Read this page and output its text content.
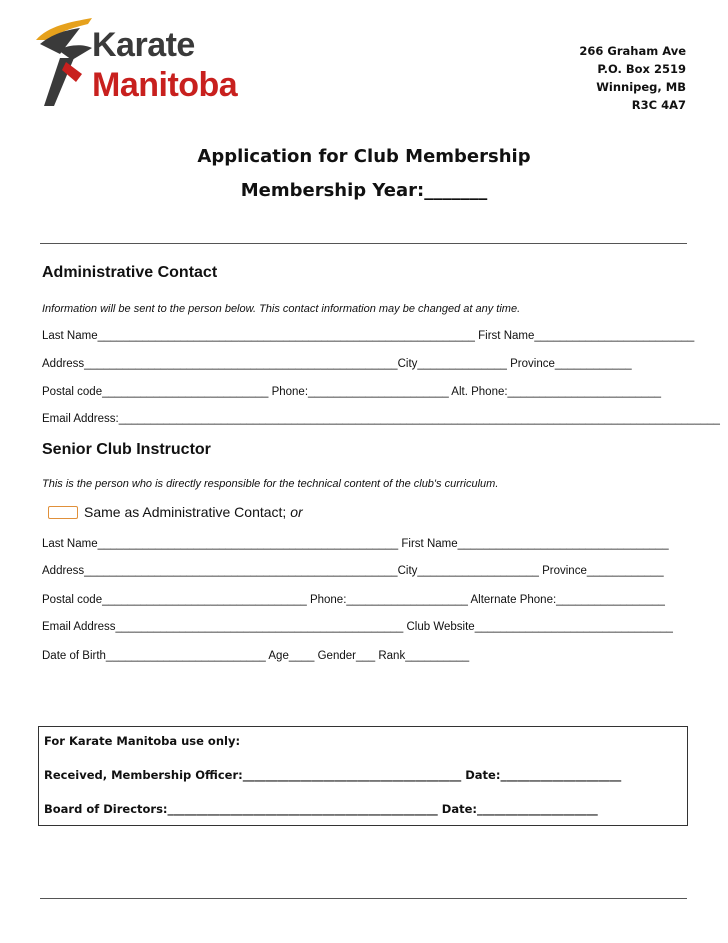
Karate
Manitoba
266 Graham Ave
P.O. Box 2519
Winnipeg, MB
R3C 4A7
Application for Club Membership
Membership Year:_______
Administrative Contact
Information will be sent to the person below. This contact information may be changed at any time.
Last Name___________________________________________________________ First Name_________________________
Address_________________________________________________City______________ Province____________
Postal code__________________________ Phone:______________________ Alt. Phone:________________________
Email Address:______________________________________________________________________________________________
Senior Club Instructor
This is the person who is directly responsible for the technical content of the club's curriculum.
Same as Administrative Contact; or
Last Name_______________________________________________ First Name_________________________________
Address_________________________________________________City___________________ Province____________
Postal code________________________________ Phone:___________________ Alternate Phone:_________________
Email Address_____________________________________________ Club Website_______________________________
Date of Birth_________________________ Age____ Gender___ Rank__________
For Karate Manitoba use only:
Received, Membership Officer:______________________________________ Date:_____________________
Board of Directors:_______________________________________________ Date:_____________________
